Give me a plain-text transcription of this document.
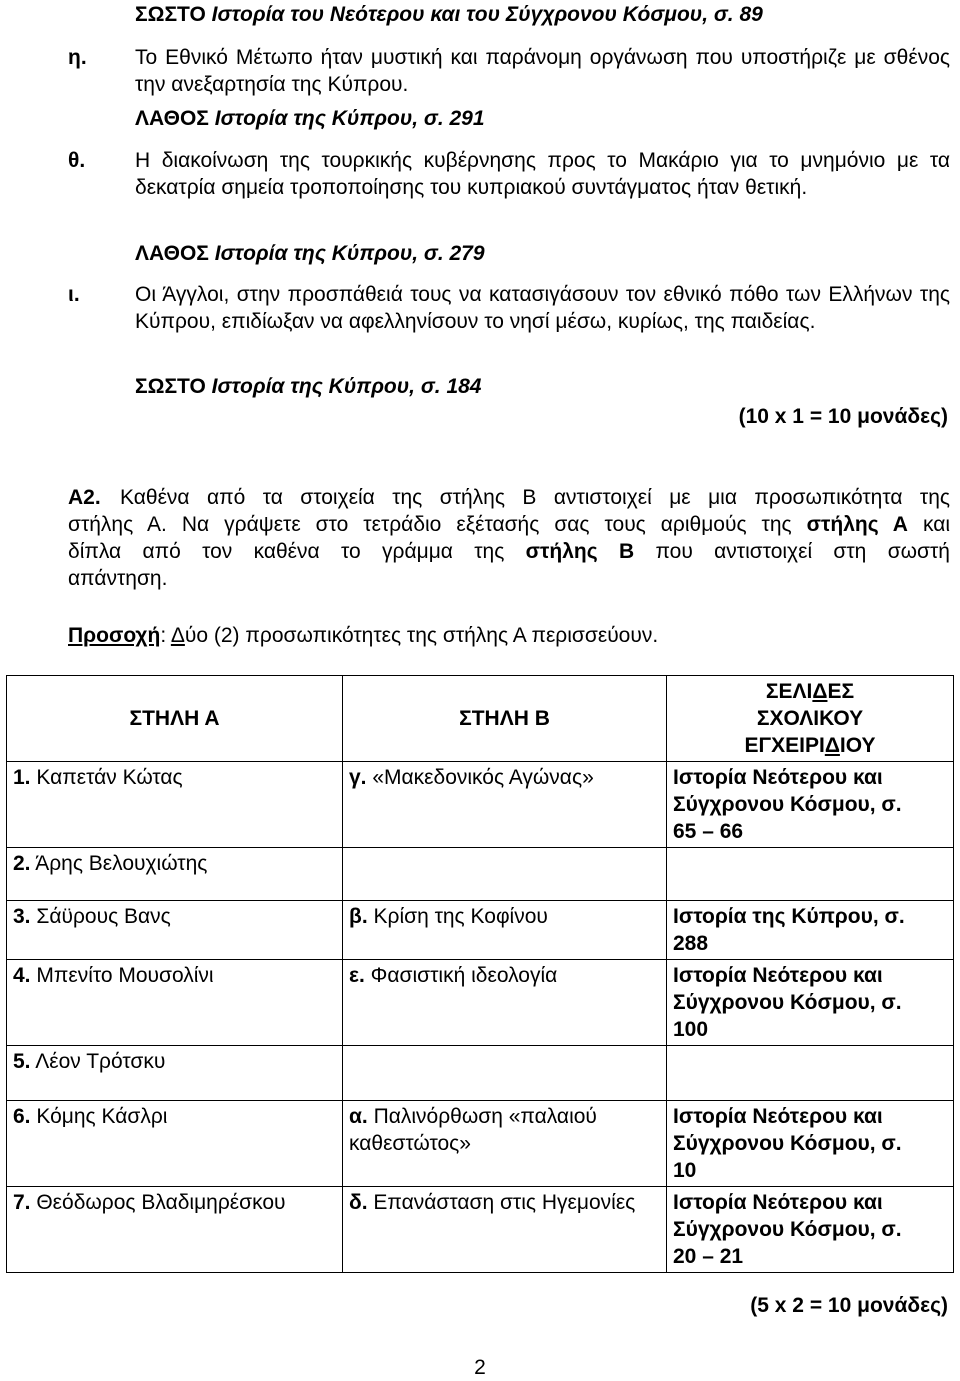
ΣΩΣΤΟ Ιστορία του Νεότερου και του Σύγχρονου Κόσμου, σ. 89
η. Το Εθνικό Μέτωπο ήταν μυστική και παράνομη οργάνωση που υποστήριζε με σθένος την ανεξαρτησία της Κύπρου.
ΛΑΘΟΣ Ιστορία της Κύπρου, σ. 291
θ. Η διακοίνωση της τουρκικής κυβέρνησης προς το Μακάριο για το μνημόνιο με τα δεκατρία σημεία τροποποίησης του κυπριακού συντάγματος ήταν θετική.
ΛΑΘΟΣ Ιστορία της Κύπρου, σ. 279
ι.	Οι Άγγλοι, στην προσπάθειά τους να κατασιγάσουν τον εθνικό πόθο των Ελλήνων της Κύπρου, επιδίωξαν να αφελληνίσουν το νησί μέσω, κυρίως, της παιδείας.
ΣΩΣΤΟ Ιστορία της Κύπρου, σ. 184
(10 x 1 = 10 μονάδες)
Α2. Καθένα από τα στοιχεία της στήλης Β αντιστοιχεί με μια προσωπικότητα της
στήλης Α. Να γράψετε στο τετράδιο εξέτασής σας τους αριθμούς της στήλης Α και
δίπλα από τον καθένα το γράμμα της στήλης Β που αντιστοιχεί στη σωστή
απάντηση.
Προσοχή: Δύο (2) προσωπικότητες της στήλης Α περισσεύουν.
ΣΤΗΛΗ Α	ΣΤΗΛΗ Β	ΣΕΛΙΔΕΣ
ΣΧΟΛΙΚΟΥ
ΕΓΧΕΙΡΙΔΙΟΥ
1. Καπετάν Κώτας	γ. «Μακεδονικός Αγώνας»	Ιστορία Νεότερου και Σύγχρονου Κόσμου, σ.
65 – 66
2. Άρης Βελουχιώτης		
3. Σάϋρους Βανς	β. Κρίση της Κοφίνου	Ιστορία της Κύπρου, σ.
288
4. Μπενίτο Μουσολίνι	ε. Φασιστική ιδεολογία	Ιστορία Νεότερου και Σύγχρονου Κόσμου, σ.
100
5. Λέον Τρότσκυ		
6. Κόμης Κάσλρι	α. Παλινόρθωση «παλαιού καθεστώτος»	Ιστορία Νεότερου και Σύγχρονου Κόσμου, σ.
10
7. Θεόδωρος Βλαδιμηρέσκου	δ. Επανάσταση στις Ηγεμονίες	Ιστορία Νεότερου και Σύγχρονου Κόσμου, σ.
20 – 21
(5 x 2 = 10 μονάδες)
2
